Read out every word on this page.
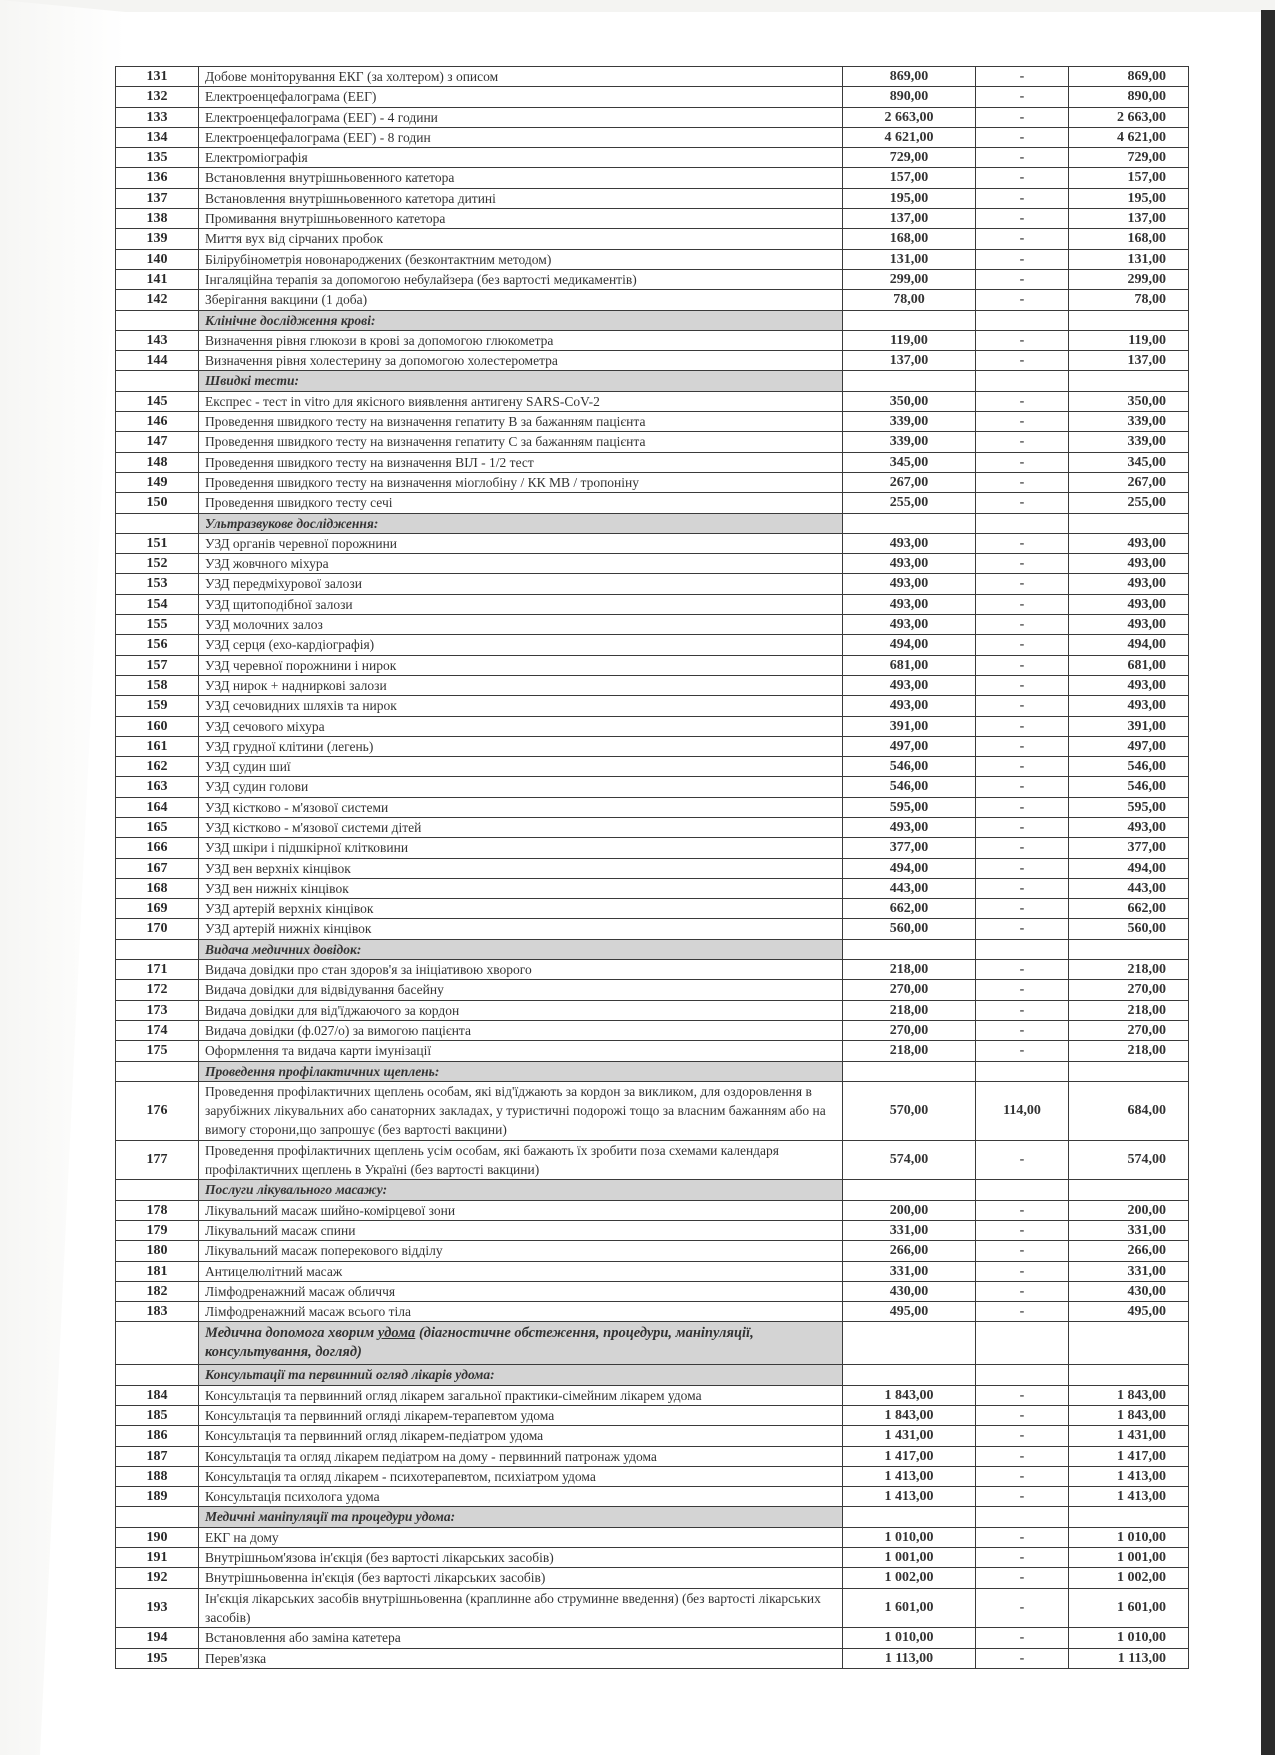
131	Добове моніторування ЕКГ (за холтером) з описом	869,00	-	869,00
132	Електроенцефалограма (ЕЕГ)	890,00	-	890,00
133	Електроенцефалограма (ЕЕГ) - 4 години	2 663,00	-	2 663,00
134	Електроенцефалограма (ЕЕГ) - 8 годин	4 621,00	-	4 621,00
135	Електроміографія	729,00	-	729,00
136	Встановлення внутрішньовенного катетора	157,00	-	157,00
137	Встановлення внутрішньовенного катетора дитині	195,00	-	195,00
138	Промивання внутрішньовенного катетора	137,00	-	137,00
139	Миття вух від сірчаних пробок	168,00	-	168,00
140	Білірубінометрія новонароджених (безконтактним методом)	131,00	-	131,00
141	Інгаляційна терапія за допомогою небулайзера (без вартості медикаментів)	299,00	-	299,00
142	Зберігання вакцини (1 доба)	78,00	-	78,00
	Клінічне дослідження крові:			
143	Визначення рівня глюкози в крові за допомогою глюкометра	119,00	-	119,00
144	Визначення рівня холестерину за допомогою холестерометра	137,00	-	137,00
	Швидкі тести:			
145	Експрес - тест in vitro для якісного виявлення антигену SARS-CoV-2	350,00	-	350,00
146	Проведення швидкого тесту на визначення гепатиту В за бажанням пацієнта	339,00	-	339,00
147	Проведення швидкого тесту на визначення гепатиту С за бажанням пацієнта	339,00	-	339,00
148	Проведення швидкого тесту на визначення ВІЛ - 1/2 тест	345,00	-	345,00
149	Проведення швидкого тесту на визначення міоглобіну / КК МВ / тропоніну	267,00	-	267,00
150	Проведення швидкого тесту сечі	255,00	-	255,00
	Ультразвукове дослідження:			
151	УЗД органів черевної порожнини	493,00	-	493,00
152	УЗД жовчного міхура	493,00	-	493,00
153	УЗД передміхурової залози	493,00	-	493,00
154	УЗД щитоподібної залози	493,00	-	493,00
155	УЗД молочних залоз	493,00	-	493,00
156	УЗД серця (ехо-кардіографія)	494,00	-	494,00
157	УЗД черевної порожнини і нирок	681,00	-	681,00
158	УЗД нирок + надниркові залози	493,00	-	493,00
159	УЗД сечовидних шляхів та нирок	493,00	-	493,00
160	УЗД сечового міхура	391,00	-	391,00
161	УЗД грудної клітини (легень)	497,00	-	497,00
162	УЗД судин шиї	546,00	-	546,00
163	УЗД судин голови	546,00	-	546,00
164	УЗД кістково - м'язової системи	595,00	-	595,00
165	УЗД кістково - м'язової системи дітей	493,00	-	493,00
166	УЗД шкіри і підшкірної клітковини	377,00	-	377,00
167	УЗД вен верхніх кінцівок	494,00	-	494,00
168	УЗД вен нижніх кінцівок	443,00	-	443,00
169	УЗД артерій верхніх кінцівок	662,00	-	662,00
170	УЗД артерій нижніх кінцівок	560,00	-	560,00
	Видача медичних довідок:			
171	Видача довідки про стан здоров'я за ініціативою хворого	218,00	-	218,00
172	Видача довідки для відвідування басейну	270,00	-	270,00
173	Видача довідки для від'їджаючого за кордон	218,00	-	218,00
174	Видача довідки (ф.027/о) за вимогою пацієнта	270,00	-	270,00
175	Оформлення та видача карти імунізації	218,00	-	218,00
	Проведення профілактичних щеплень:			
176	Проведення профілактичних щеплень особам, які від'їджають за кордон за викликом, для оздоровлення в зарубіжних лікувальних або санаторних закладах, у туристичні подорожі тощо за власним бажанням або на вимогу сторони,що запрошує (без вартості вакцини)	570,00	114,00	684,00
177	Проведення профілактичних щеплень усім особам, які бажають їх зробити поза схемами календаря профілактичних щеплень в Україні (без вартості вакцини)	574,00	-	574,00
	Послуги лікувального масажу:			
178	Лікувальний масаж шийно-комірцевої зони	200,00	-	200,00
179	Лікувальний масаж спини	331,00	-	331,00
180	Лікувальний масаж поперекового відділу	266,00	-	266,00
181	Антицелюлітний масаж	331,00	-	331,00
182	Лімфодренажний масаж обличчя	430,00	-	430,00
183	Лімфодренажний масаж всього тіла	495,00	-	495,00
	Медична допомога хворим удома (діагностичне обстеження, процедури, маніпуляції, консультування, догляд)			
	Консультації та первинний огляд лікарів удома:			
184	Консультація та первинний огляд лікарем загальної практики-сімейним лікарем удома	1 843,00	-	1 843,00
185	Консультація та первинний огляді лікарем-терапевтом удома	1 843,00	-	1 843,00
186	Консультація та первинний огляд лікарем-педіатром удома	1 431,00	-	1 431,00
187	Консультація та огляд лікарем педіатром на дому - первинний патронаж удома	1 417,00	-	1 417,00
188	Консультація та огляд лікарем - психотерапевтом, психіатром удома	1 413,00	-	1 413,00
189	Консультація психолога удома	1 413,00	-	1 413,00
	Медичні маніпуляції та процедури удома:			
190	ЕКГ на дому	1 010,00	-	1 010,00
191	Внутрішньом'язова ін'єкція (без вартості лікарських засобів)	1 001,00	-	1 001,00
192	Внутрішньовенна ін'єкція (без вартості лікарських засобів)	1 002,00	-	1 002,00
193	Ін'єкція лікарських засобів внутрішньовенна (краплинне або струминне введення) (без вартості лікарських засобів)	1 601,00	-	1 601,00
194	Встановлення або заміна катетера	1 010,00	-	1 010,00
195	Перев'язка	1 113,00	-	1 113,00
